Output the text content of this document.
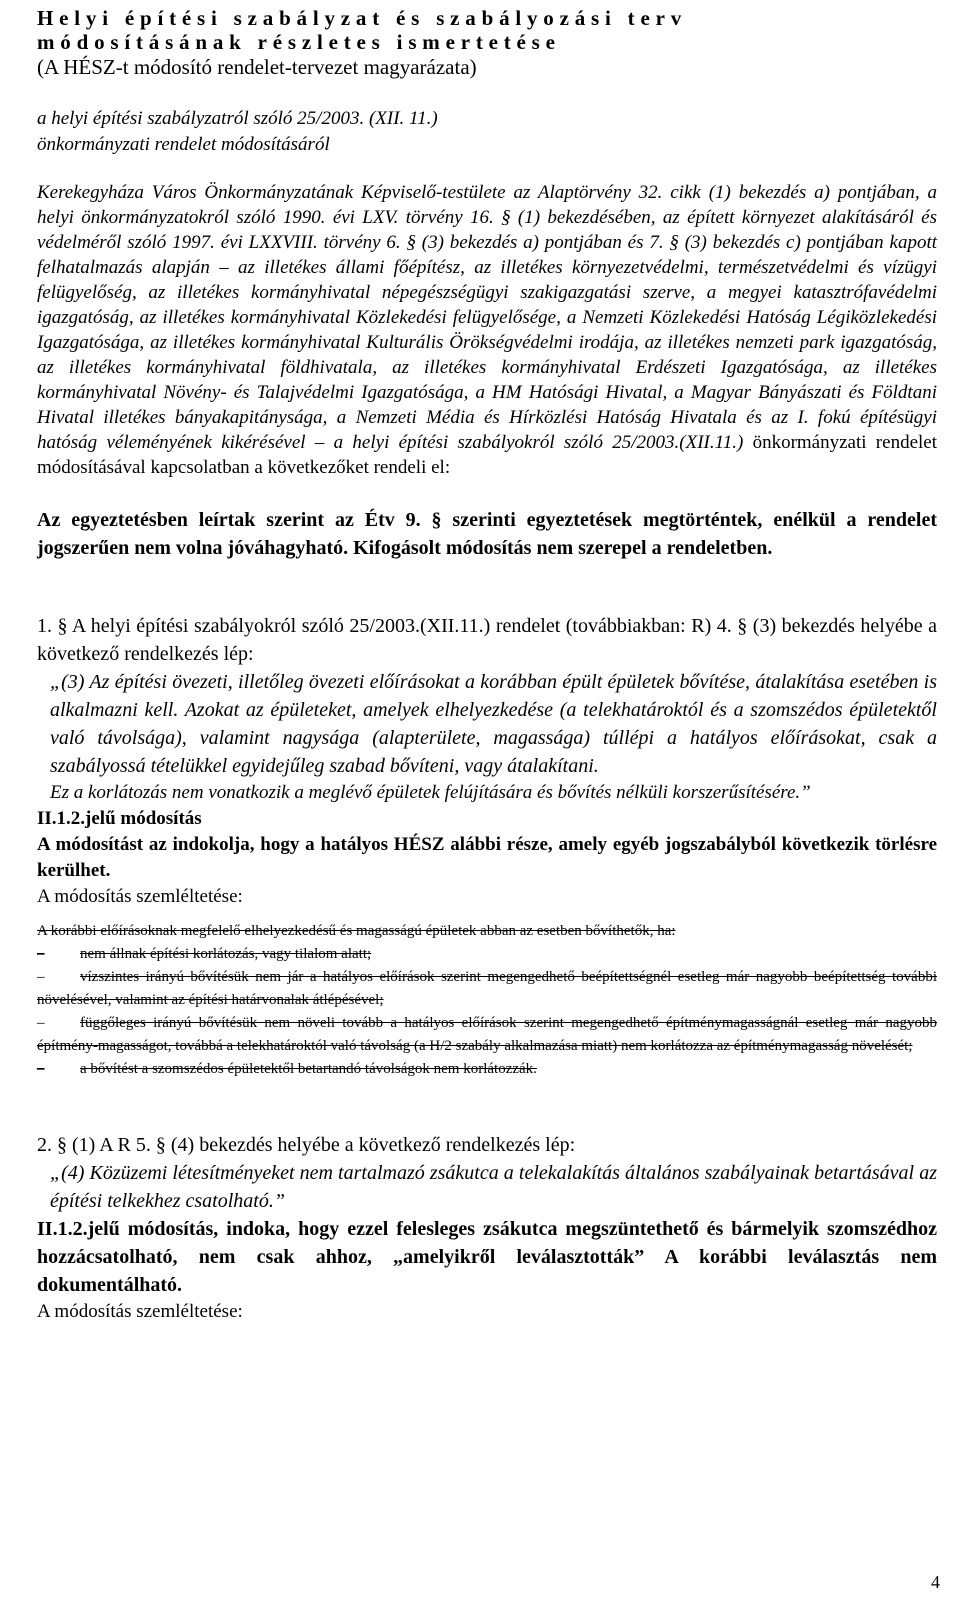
Helyi építési szabályzat és szabályozási terv
módosításának részletes ismertetése
(A HÉSZ-t módosító rendelet-tervezet magyarázata)
a helyi építési szabályzatról szóló 25/2003. (XII. 11.)
önkormányzati rendelet módosításáról
Kerekegyháza Város Önkormányzatának Képviselő-testülete az Alaptörvény 32. cikk (1) bekezdés a) pontjában, a helyi önkormányzatokról szóló 1990. évi LXV. törvény 16. § (1) bekezdésében, az épített környezet alakításáról és védelméről szóló 1997. évi LXXVIII. törvény 6. § (3) bekezdés a) pontjában és 7. § (3) bekezdés c) pontjában kapott felhatalmazás alapján – az illetékes állami főépítész, az illetékes környezetvédelmi, természetvédelmi és vízügyi felügyelőség, az illetékes kormányhivatal népegészségügyi szakigazgatási szerve, a megyei katasztrófavédelmi igazgatóság, az illetékes kormányhivatal Közlekedési felügyelősége, a Nemzeti Közlekedési Hatóság Légiközlekedési Igazgatósága, az illetékes kormányhivatal Kulturális Örökségvédelmi irodája, az illetékes nemzeti park igazgatóság, az illetékes kormányhivatal földhivatala, az illetékes kormányhivatal Erdészeti Igazgatósága, az illetékes kormányhivatal Növény- és Talajvédelmi Igazgatósága, a HM Hatósági Hivatal, a Magyar Bányászati és Földtani Hivatal illetékes bányakapitánysága, a Nemzeti Média és Hírközlési Hatóság Hivatala és az I. fokú építésügyi hatóság véleményének kikérésével – a helyi építési szabályokról szóló 25/2003.(XII.11.) önkormányzati rendelet módosításával kapcsolatban a következőket rendeli el:
Az egyeztetésben leírtak szerint az Étv 9. § szerinti egyeztetések megtörténtek, enélkül a rendelet jogszerűen nem volna jóváhagyható. Kifogásolt módosítás nem szerepel a rendeletben.
1. § A helyi építési szabályokról szóló 25/2003.(XII.11.) rendelet (továbbiakban: R) 4. § (3) bekezdés helyébe a következő rendelkezés lép:
„(3) Az építési övezeti, illetőleg övezeti előírásokat a korábban épült épületek bővítése, átalakítása esetében is alkalmazni kell. Azokat az épületeket, amelyek elhelyezkedése (a telekhatároktól és a szomszédos épületektől való távolsága), valamint nagysága (alapterülete, magassága) túllépi a hatályos előírásokat, csak a szabályossá tételükkel egyidejűleg szabad bővíteni, vagy átalakítani.
Ez a korlátozás nem vonatkozik a meglévő épületek felújítására és bővítés nélküli korszerűsítésére.”
II.1.2.jelű módosítás
A módosítást az indokolja, hogy a hatályos HÉSZ alábbi része, amely egyéb jogszabályból következik törlésre kerülhet.
A módosítás szemléltetése:
A korábbi előírásoknak megfelelő elhelyezkedésű és magasságú épületek abban az esetben bővíthetők, ha:
–	nem állnak építési korlátozás, vagy tilalom alatt;
– vízszintes irányú bővítésük nem jár a hatályos előírások szerint megengedhető beépítettségnél esetleg már nagyobb beépítettség további növelésével, valamint az építési határvonalak átlépésével;
– függőleges irányú bővítésük nem növeli tovább a hatályos előírások szerint megengedhető építménymagasságnál esetleg már nagyobb építmény-magasságot, továbbá a telekhatároktól való távolság (a H/2 szabály alkalmazása miatt) nem korlátozza az építménymagasság növelését;
–	a bővítést a szomszédos épületektől betartandó távolságok nem korlátozzák.
2. § (1) A R 5. § (4) bekezdés helyébe a következő rendelkezés lép:
„(4) Közüzemi létesítményeket nem tartalmazó zsákutca a telekalakítás általános szabályainak betartásával az építési telkekhez csatolható.”
II.1.2.jelű módosítás, indoka, hogy ezzel felesleges zsákutca megszüntethető és bármelyik szomszédhoz hozzácsatolható, nem csak ahhoz, „amelyikről leválasztották” A korábbi leválasztás nem dokumentálható.
A módosítás szemléltetése:
4
